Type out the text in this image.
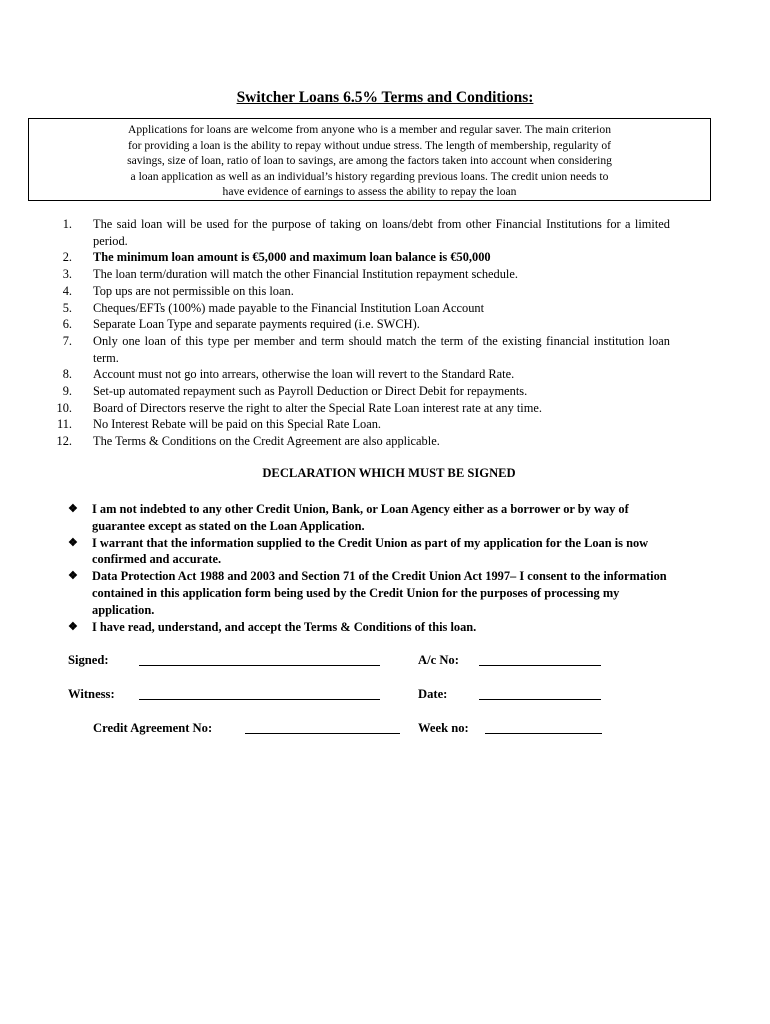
Switcher Loans 6.5% Terms and Conditions:
Applications for loans are welcome from anyone who is a member and regular saver. The main criterion
for providing a loan is the ability to repay without undue stress. The length of membership, regularity of
savings, size of loan, ratio of loan to savings, are among the factors taken into account when considering
a loan application as well as an individual’s history regarding previous loans. The credit union needs to
have evidence of earnings to assess the ability to repay the loan
1. The said loan will be used for the purpose of taking on loans/debt from other Financial Institutions for a limited period.
2. The minimum loan amount is €5,000 and maximum loan balance is €50,000
3. The loan term/duration will match the other Financial Institution repayment schedule.
4. Top ups are not permissible on this loan.
5. Cheques/EFTs (100%) made payable to the Financial Institution Loan Account
6. Separate Loan Type and separate payments required (i.e. SWCH).
7. Only one loan of this type per member and term should match the term of the existing financial institution loan term.
8. Account must not go into arrears, otherwise the loan will revert to the Standard Rate.
9. Set-up automated repayment such as Payroll Deduction or Direct Debit for repayments.
10. Board of Directors reserve the right to alter the Special Rate Loan interest rate at any time.
11. No Interest Rebate will be paid on this Special Rate Loan.
12. The Terms & Conditions on the Credit Agreement are also applicable.
DECLARATION WHICH MUST BE SIGNED
❖	I am not indebted to any other Credit Union, Bank, or Loan Agency either as a borrower or by way of guarantee except as stated on the Loan Application.
❖	I warrant that the information supplied to the Credit Union as part of my application for the Loan is now confirmed and accurate.
❖	Data Protection Act 1988 and 2003 and Section 71 of the Credit Union Act 1997– I consent to the information contained in this application form being used by the Credit Union for the purposes of processing my application.
❖	I have read, understand, and accept the Terms & Conditions of this loan.
Signed:	A/c No:
Witness:	Date:
Credit Agreement No:	Week no:
